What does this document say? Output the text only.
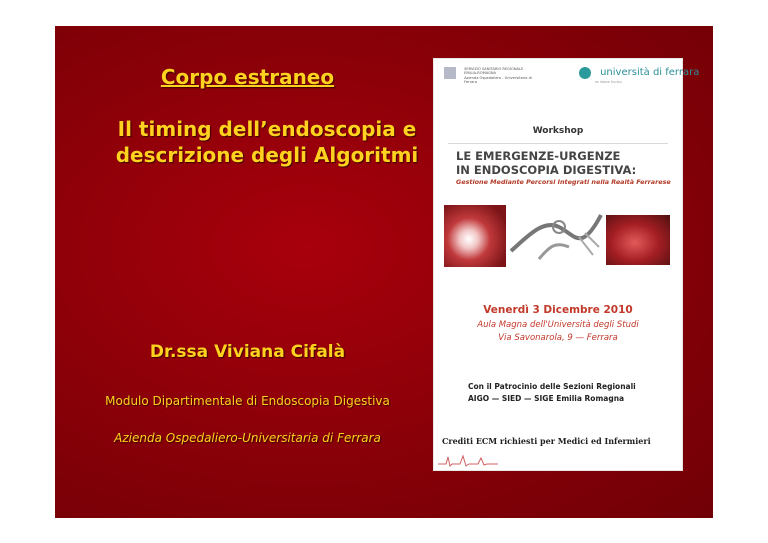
Corpo estraneo
Il timing dell’endoscopia e
descrizione degli Algoritmi
Dr.ssa Viviana Cifalà
Modulo Dipartimentale di Endoscopia Digestiva
Azienda Ospedaliero-Universitaria di Ferrara
SERVIZIO SANITARIO REGIONALE
EMILIA-ROMAGNA
Azienda Ospedaliero - Universitaria di Ferrara
università di ferrara
ex labore fructus
Workshop
LE EMERGENZE-URGENZE
IN ENDOSCOPIA DIGESTIVA:
Gestione Mediante Percorsi Integrati nella Realtà Ferrarese
Venerdì 3 Dicembre 2010
Aula Magna dell'Università degli Studi
Via Savonarola, 9 — Ferrara
Con il Patrocinio delle Sezioni Regionali
AIGO — SIED — SIGE Emilia Romagna
Crediti ECM richiesti per Medici ed Infermieri
